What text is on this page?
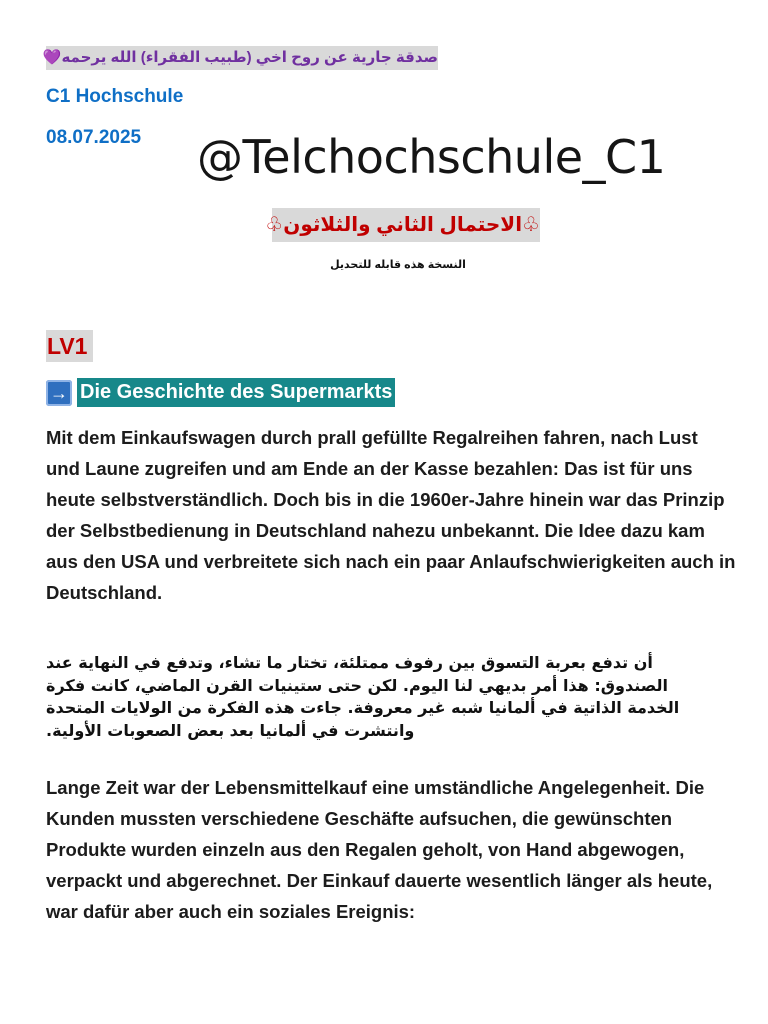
صدقة جارية عن روح اخي (طبيب الفقراء) الله يرحمه💜
C1 Hochschule
08.07.2025 @Telchochschule_C1
♧الاحتمال الثاني والثلاثون♧
النسخة هذه قابله للتحديل
LV1
→ Die Geschichte des Supermarkts

Mit dem Einkaufswagen durch prall gefüllte Regalreihen fahren, nach Lust und Laune zugreifen und am Ende an der Kasse bezahlen: Das ist für uns heute selbstverständlich. Doch bis in die 1960er-Jahre hinein war das Prinzip der Selbstbedienung in Deutschland nahezu unbekannt. Die Idee dazu kam aus den USA und verbreitete sich nach ein paar Anlaufschwierigkeiten auch in Deutschland.

أن تدفع بعربة التسوق بين رفوف ممتلئة، تختار ما تشاء، وتدفع في النهاية عند الصندوق: هذا أمر بديهي لنا اليوم. لكن حتى ستينيات القرن الماضي، كانت فكرة الخدمة الذاتية في ألمانيا شبه غير معروفة. جاءت هذه الفكرة من الولايات المتحدة وانتشرت في ألمانيا بعد بعض الصعوبات الأولية.

Lange Zeit war der Lebensmittelkauf eine umständliche Angelegenheit. Die Kunden mussten verschiedene Geschäfte aufsuchen, die gewünschten Produkte wurden einzeln aus den Regalen geholt, von Hand abgewogen, verpackt und abgerechnet. Der Einkauf dauerte wesentlich länger als heute, war dafür aber auch ein soziales Ereignis:
